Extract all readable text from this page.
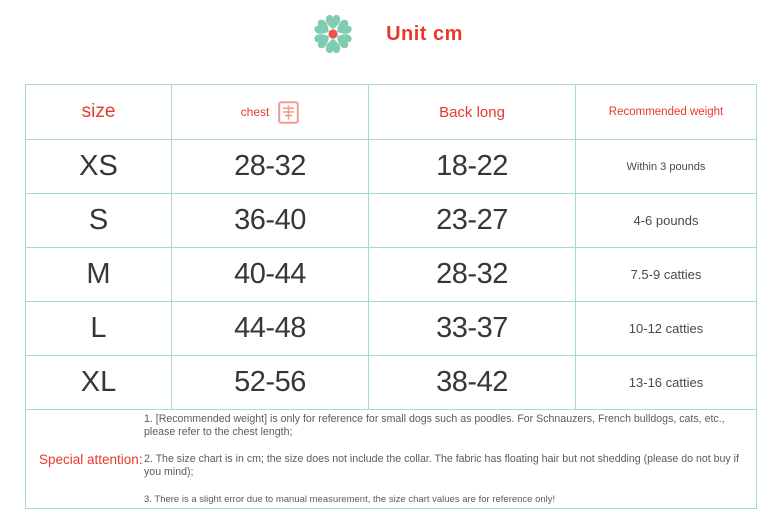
Unit cm
size	chest	Back long	Recommended weight
XS	28-32	18-22	Within 3 pounds
S	36-40	23-27	4-6 pounds
M	40-44	28-32	7.5-9 catties
L	44-48	33-37	10-12 catties
XL	52-56	38-42	13-16 catties

Special attention:
1. [Recommended weight] is only for reference for small dogs such as poodles. For Schnauzers, French bulldogs, cats, etc., please refer to the chest length;
2. The size chart is in cm; the size does not include the collar. The fabric has floating hair but not shedding (please do not buy if you mind);
3. There is a slight error due to manual measurement, the size chart values are for reference only!			
